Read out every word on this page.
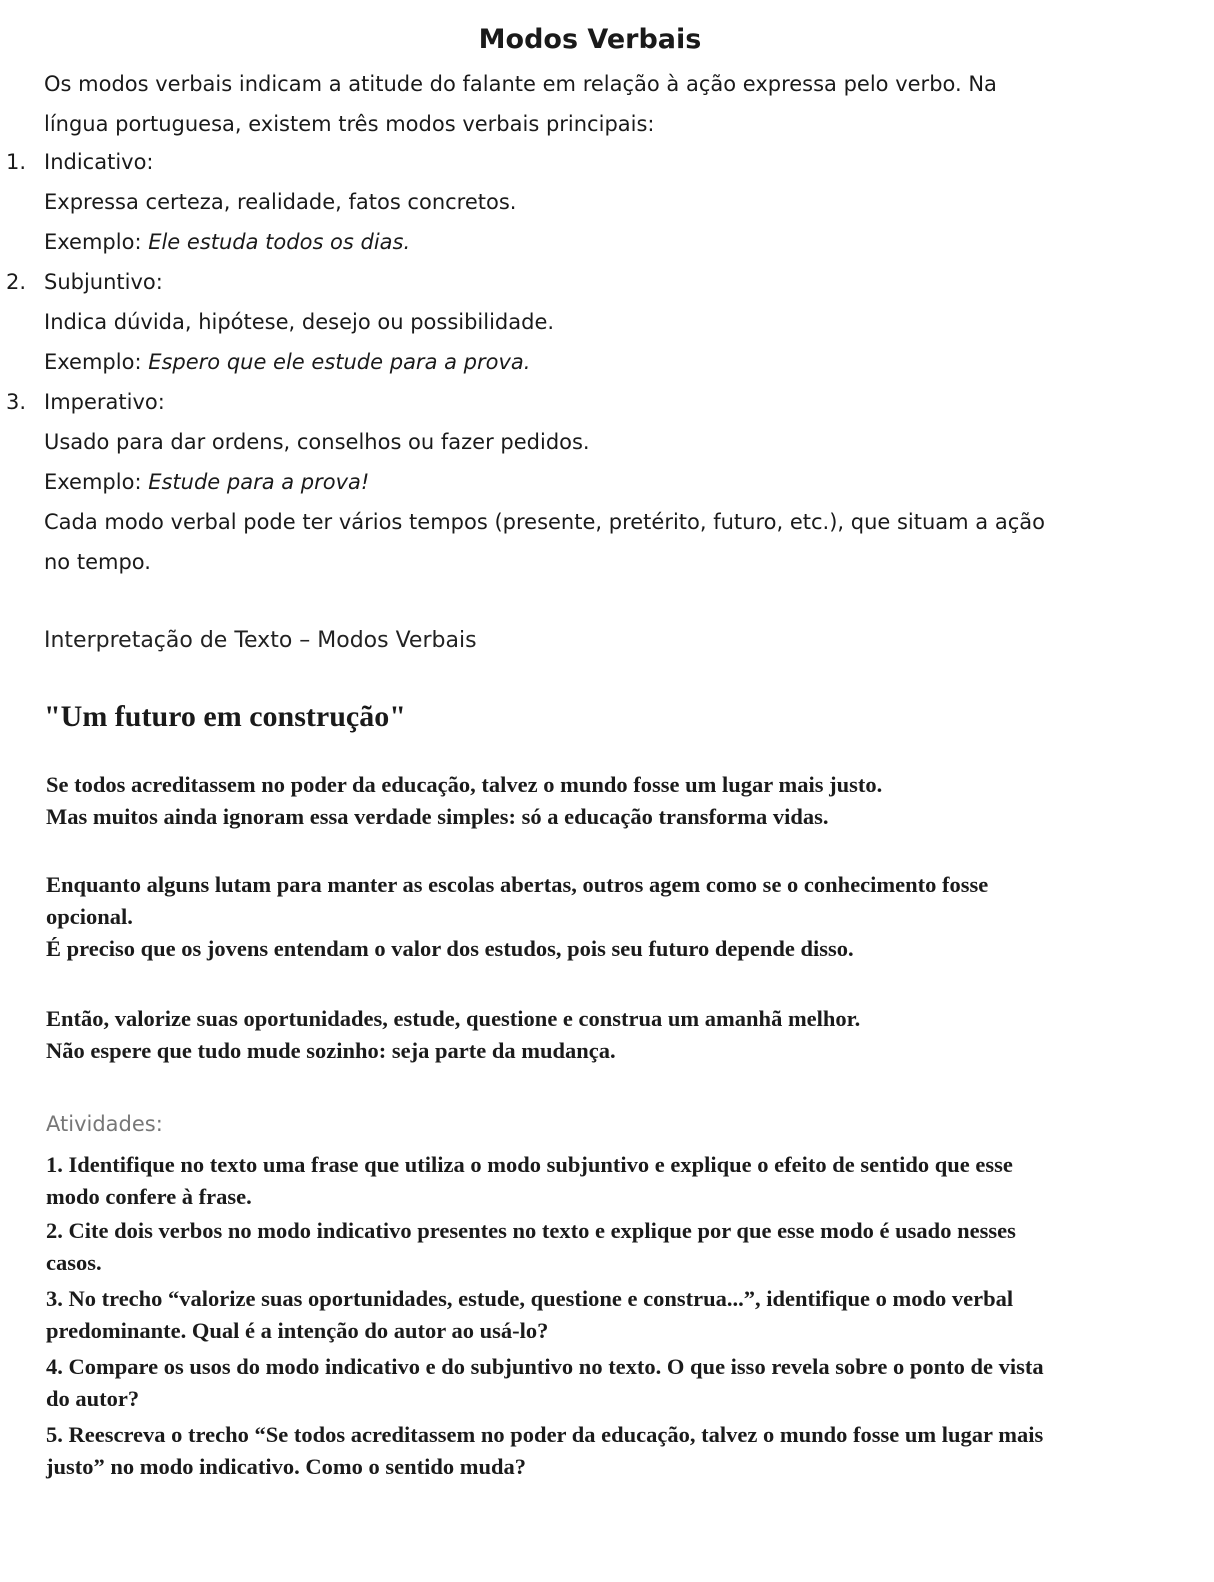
Modos Verbais
Os modos verbais indicam a atitude do falante em relação à ação expressa pelo verbo. Na
língua portuguesa, existem três modos verbais principais:
1. Indicativo:
Expressa certeza, realidade, fatos concretos.
Exemplo: Ele estuda todos os dias.
2. Subjuntivo:
Indica dúvida, hipótese, desejo ou possibilidade.
Exemplo: Espero que ele estude para a prova.
3. Imperativo:
Usado para dar ordens, conselhos ou fazer pedidos.
Exemplo: Estude para a prova!
Cada modo verbal pode ter vários tempos (presente, pretérito, futuro, etc.), que situam a ação
no tempo.
Interpretação de Texto – Modos Verbais
"Um futuro em construção"
Se todos acreditassem no poder da educação, talvez o mundo fosse um lugar mais justo.
Mas muitos ainda ignoram essa verdade simples: só a educação transforma vidas.
Enquanto alguns lutam para manter as escolas abertas, outros agem como se o conhecimento fosse
opcional.
É preciso que os jovens entendam o valor dos estudos, pois seu futuro depende disso.
Então, valorize suas oportunidades, estude, questione e construa um amanhã melhor.
Não espere que tudo mude sozinho: seja parte da mudança.
Atividades:
1. Identifique no texto uma frase que utiliza o modo subjuntivo e explique o efeito de sentido que esse
modo confere à frase.
2. Cite dois verbos no modo indicativo presentes no texto e explique por que esse modo é usado nesses
casos.
3. No trecho “valorize suas oportunidades, estude, questione e construa...”, identifique o modo verbal
predominante. Qual é a intenção do autor ao usá-lo?
4. Compare os usos do modo indicativo e do subjuntivo no texto. O que isso revela sobre o ponto de vista
do autor?
5. Reescreva o trecho “Se todos acreditassem no poder da educação, talvez o mundo fosse um lugar mais
justo” no modo indicativo. Como o sentido muda?
